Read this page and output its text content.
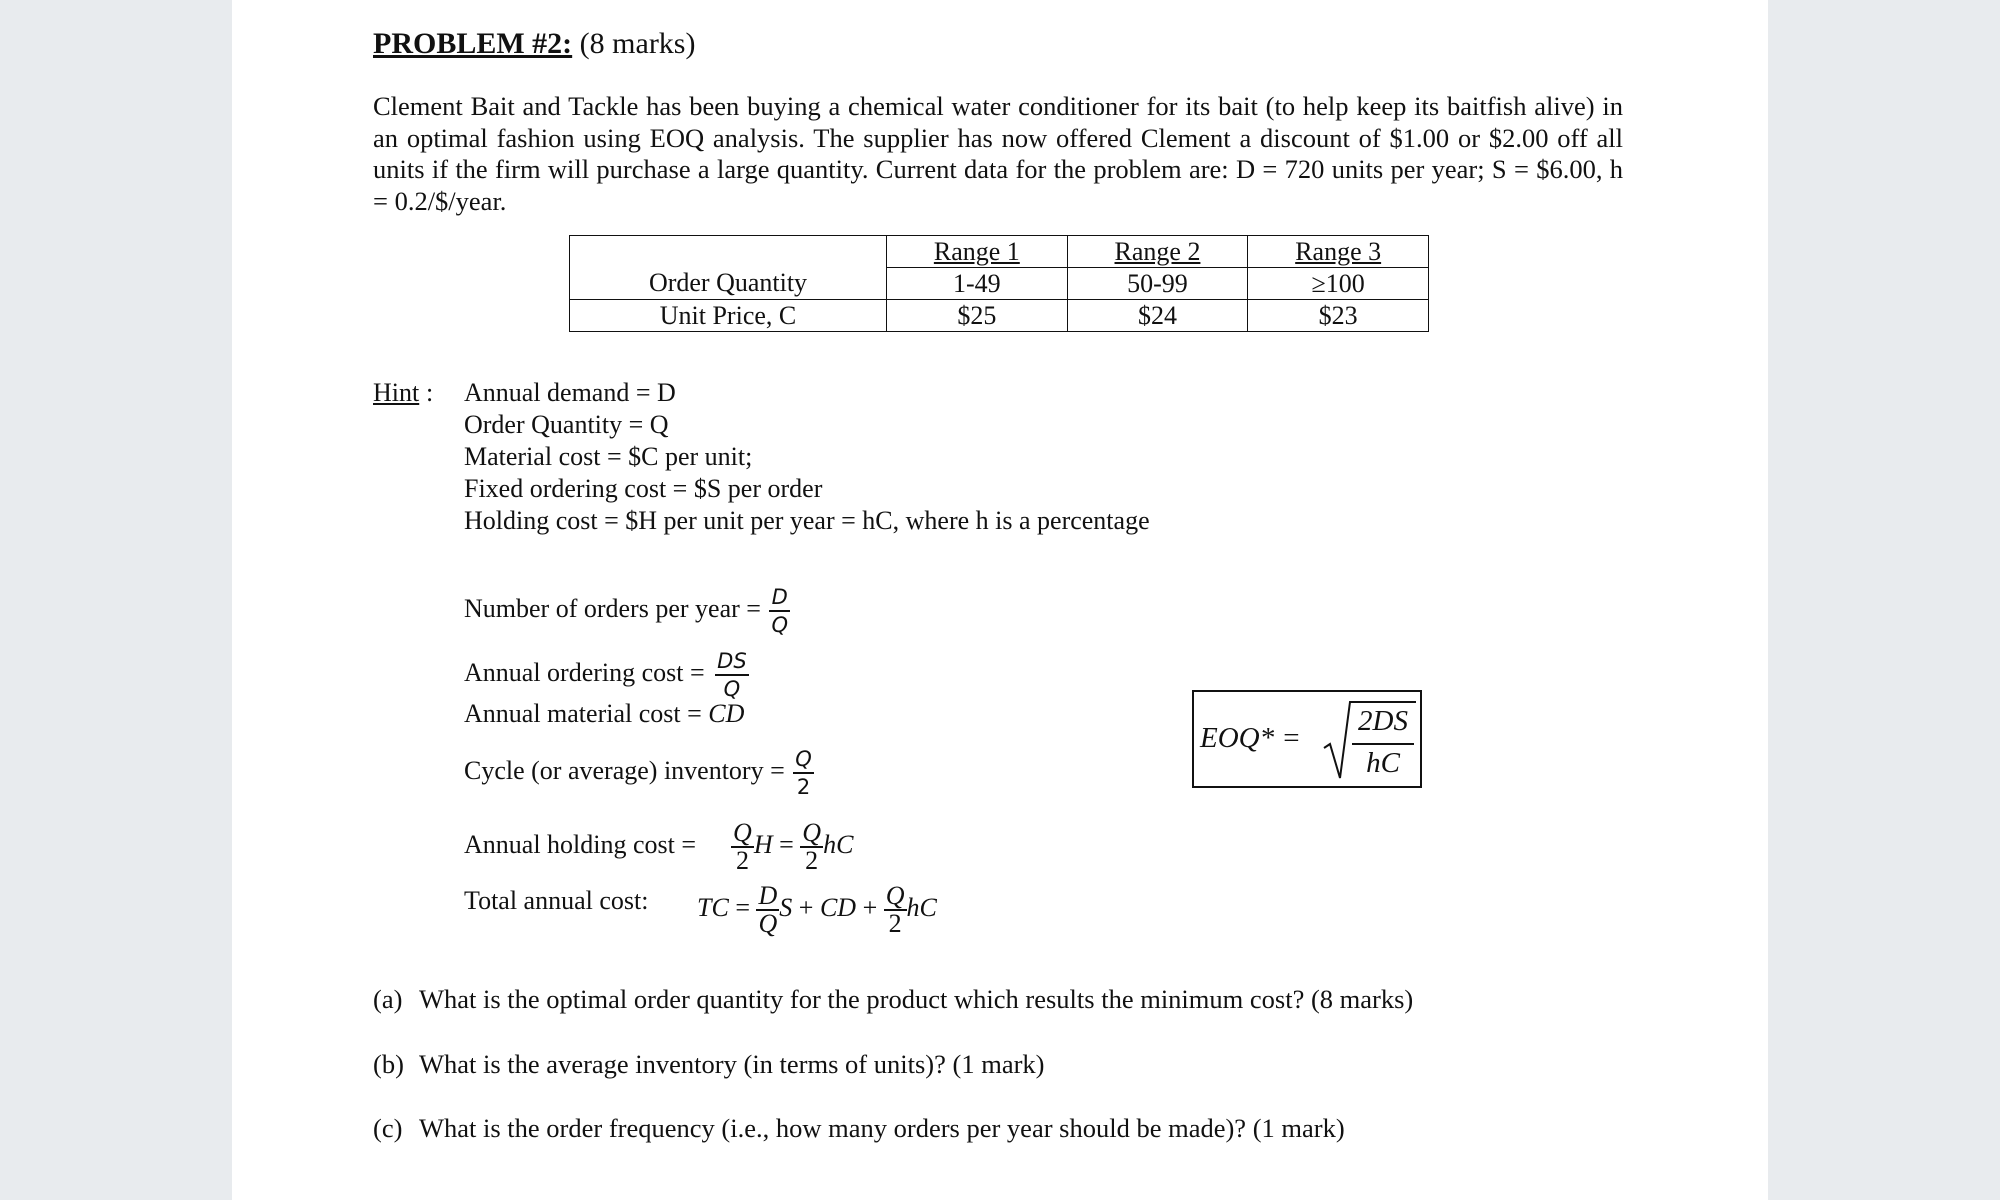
PROBLEM #2: (8 marks)
Clement Bait and Tackle has been buying a chemical water conditioner for its bait (to help keep its baitfish alive) in an optimal fashion using EOQ analysis. The supplier has now offered Clement a discount of $1.00 or $2.00 off all units if the firm will purchase a large quantity. Current data for the problem are: D = 720 units per year; S = $6.00, h = 0.2/$/year.
	Range 1	Range 2	Range 3
Order Quantity	1-49	50-99	≥100
Unit Price, C	$25	$24	$23
Hint : Annual demand = D
Order Quantity = Q
Material cost = $C per unit;
Fixed ordering cost = $S per order
Holding cost = $H per unit per year = hC, where h is a percentage
Number of orders per year = $\frac{D}{Q}$
Annual ordering $\cos t = \frac{DS}{Q}$
Annual material cost = CD
Cycle (or average) inventory = $\frac{Q}{2}$
Annual holding $\cos t = \frac{Q}{2}$ $H = \frac{Q}{2}$ hC
Total annual cost: TC = $\frac{D}{Q}$ S + CD + $\frac{Q}{2}$ hC
EOQ* =
2DS
hC
(a) What is the optimal order quantity for the product which results the minimum cost? (8 marks)
(b) What is the average inventory (in terms of units)? (1 mark)
(c) What is the order frequency (i.e., how many orders per year should be made)? (1 mark)
